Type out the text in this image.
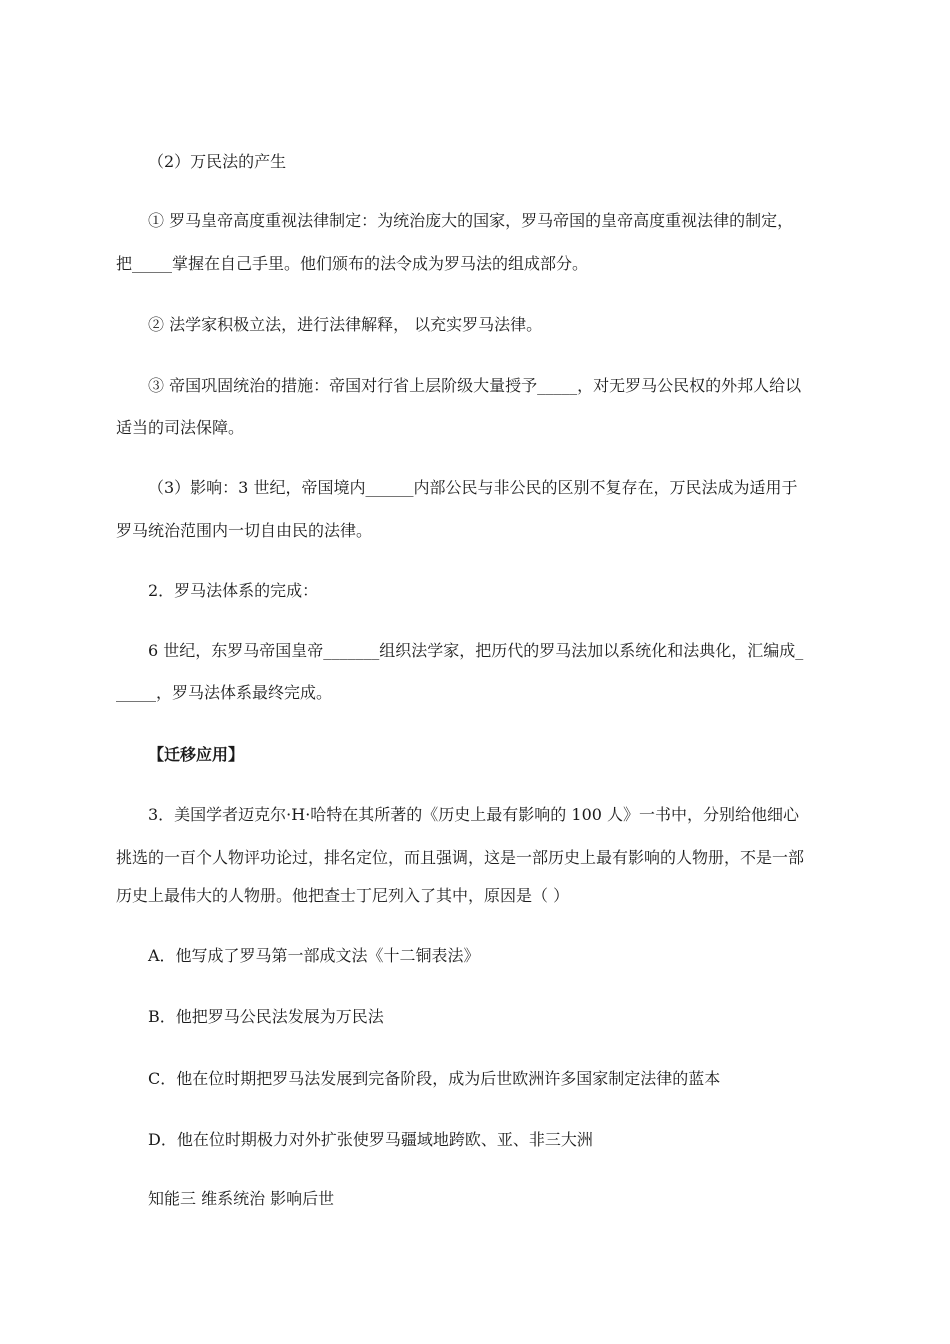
（2）万民法的产生
① 罗马皇帝高度重视法律制定：为统治庞大的国家，罗马帝国的皇帝高度重视法律的制定，
把_____掌握在自己手里。他们颁布的法令成为罗马法的组成部分。
② 法学家积极立法，进行法律解释， 以充实罗马法律。
③ 帝国巩固统治的措施：帝国对行省上层阶级大量授予_____，对无罗马公民权的外邦人给以
适当的司法保障。
（3）影响：3 世纪，帝国境内______内部公民与非公民的区别不复存在，万民法成为适用于
罗马统治范围内一切自由民的法律。
2．罗马法体系的完成：
6 世纪，东罗马帝国皇帝_______组织法学家，把历代的罗马法加以系统化和法典化，汇编成_
_____，罗马法体系最终完成。
【迁移应用】
3．美国学者迈克尔·H·哈特在其所著的《历史上最有影响的 100 人》一书中，分别给他细心
挑选的一百个人物评功论过，排名定位，而且强调，这是一部历史上最有影响的人物册，不是一部
历史上最伟大的人物册。他把查士丁尼列入了其中，原因是（ ）
A．他写成了罗马第一部成文法《十二铜表法》
B．他把罗马公民法发展为万民法
C．他在位时期把罗马法发展到完备阶段，成为后世欧洲许多国家制定法律的蓝本
D．他在位时期极力对外扩张使罗马疆域地跨欧、亚、非三大洲
知能三 维系统治 影响后世
